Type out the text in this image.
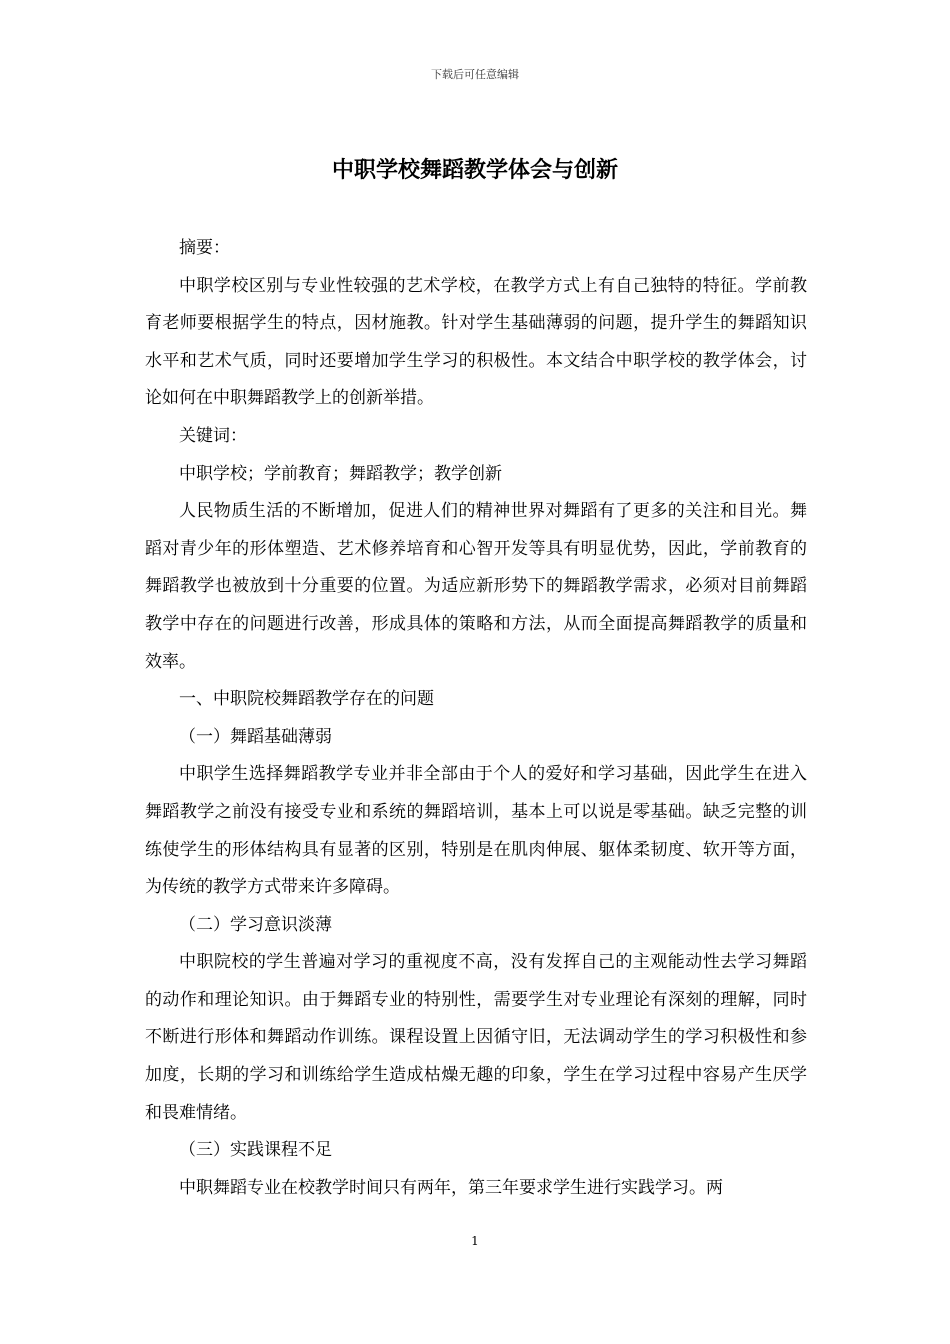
下载后可任意编辑
中职学校舞蹈教学体会与创新

摘要：

中职学校区别与专业性较强的艺术学校，在教学方式上有自己独特的特征。学前教育老师要根据学生的特点，因材施教。针对学生基础薄弱的问题，提升学生的舞蹈知识水平和艺术气质，同时还要增加学生学习的积极性。本文结合中职学校的教学体会，讨论如何在中职舞蹈教学上的创新举措。

关键词：

中职学校；学前教育；舞蹈教学；教学创新

人民物质生活的不断增加，促进人们的精神世界对舞蹈有了更多的关注和目光。舞蹈对青少年的形体塑造、艺术修养培育和心智开发等具有明显优势，因此，学前教育的舞蹈教学也被放到十分重要的位置。为适应新形势下的舞蹈教学需求，必须对目前舞蹈教学中存在的问题进行改善，形成具体的策略和方法，从而全面提高舞蹈教学的质量和效率。

一、中职院校舞蹈教学存在的问题

（一）舞蹈基础薄弱

中职学生选择舞蹈教学专业并非全部由于个人的爱好和学习基础，因此学生在进入舞蹈教学之前没有接受专业和系统的舞蹈培训，基本上可以说是零基础。缺乏完整的训练使学生的形体结构具有显著的区别，特别是在肌肉伸展、躯体柔韧度、软开等方面，为传统的教学方式带来许多障碍。

（二）学习意识淡薄

中职院校的学生普遍对学习的重视度不高，没有发挥自己的主观能动性去学习舞蹈的动作和理论知识。由于舞蹈专业的特别性，需要学生对专业理论有深刻的理解，同时不断进行形体和舞蹈动作训练。课程设置上因循守旧，无法调动学生的学习积极性和参加度，长期的学习和训练给学生造成枯燥无趣的印象，学生在学习过程中容易产生厌学和畏难情绪。

（三）实践课程不足

中职舞蹈专业在校教学时间只有两年，第三年要求学生进行实践学习。两

1
